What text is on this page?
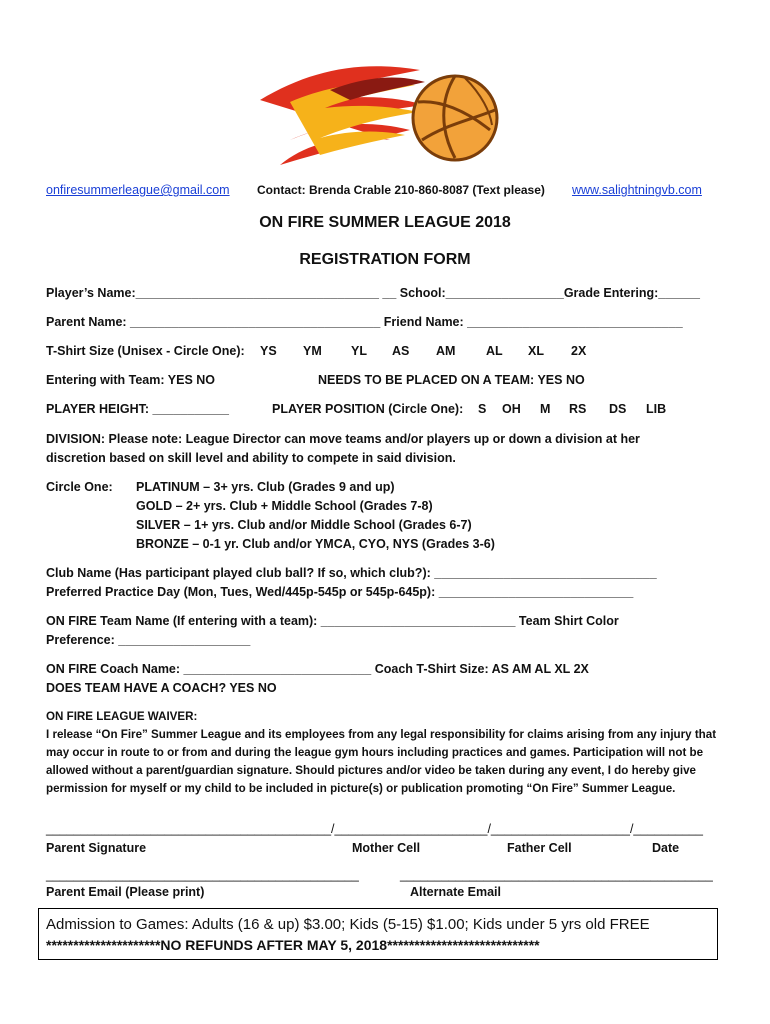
onfiresummerleague@gmail.com Contact: Brenda Crable 210-860-8087 (Text please) www.salightningvb.com
ON FIRE SUMMER LEAGUE 2018
REGISTRATION FORM
Player’s Name:___________________________________ __ School:_________________Grade Entering:______
Parent Name: ____________________________________ Friend Name: _______________________________
T-Shirt Size (Unisex - Circle One): YS YM YL AS AM AL XL 2X
Entering with Team: YES NO	NEEDS TO BE PLACED ON A TEAM: YES NO
PLAYER HEIGHT: ___________	PLAYER POSITION (Circle One): S OH M RS DS LIB
DIVISION: Please note: League Director can move teams and/or players up or down a division at her
discretion based on skill level and ability to compete in said division.
Circle One: PLATINUM – 3+ yrs. Club (Grades 9 and up)
GOLD – 2+ yrs. Club + Middle School (Grades 7-8)
SILVER – 1+ yrs. Club and/or Middle School (Grades 6-7)
BRONZE – 0-1 yr. Club and/or YMCA, CYO, NYS (Grades 3-6)
Club Name (Has participant played club ball? If so, which club?): ________________________________
Preferred Practice Day (Mon, Tues, Wed/445p-545p or 545p-645p): ____________________________
ON FIRE Team Name (If entering with a team): ____________________________ Team Shirt Color
Preference: ___________________
ON FIRE Coach Name: ___________________________ Coach T-Shirt Size: AS AM AL XL 2X
DOES TEAM HAVE A COACH? YES NO
ON FIRE LEAGUE WAIVER:
I release “On Fire” Summer League and its employees from any legal responsibility for claims arising from any injury that may occur in route to or from and during the league gym hours including practices and games. Participation will not be allowed without a parent/guardian signature. Should pictures and/or video be taken during any event, I do hereby give permission for myself or my child to be included in picture(s) or publication promoting “On Fire” Summer League.
_________________________________________/______________________/____________________/__________
Parent Signature	Mother Cell	Father Cell	Date
_____________________________________________	_____________________________________________
Parent Email (Please print)	Alternate Email
Admission to Games: Adults (16 & up) $3.00; Kids (5-15) $1.00; Kids under 5 yrs old FREE
*********************NO REFUNDS AFTER MAY 5, 2018****************************
